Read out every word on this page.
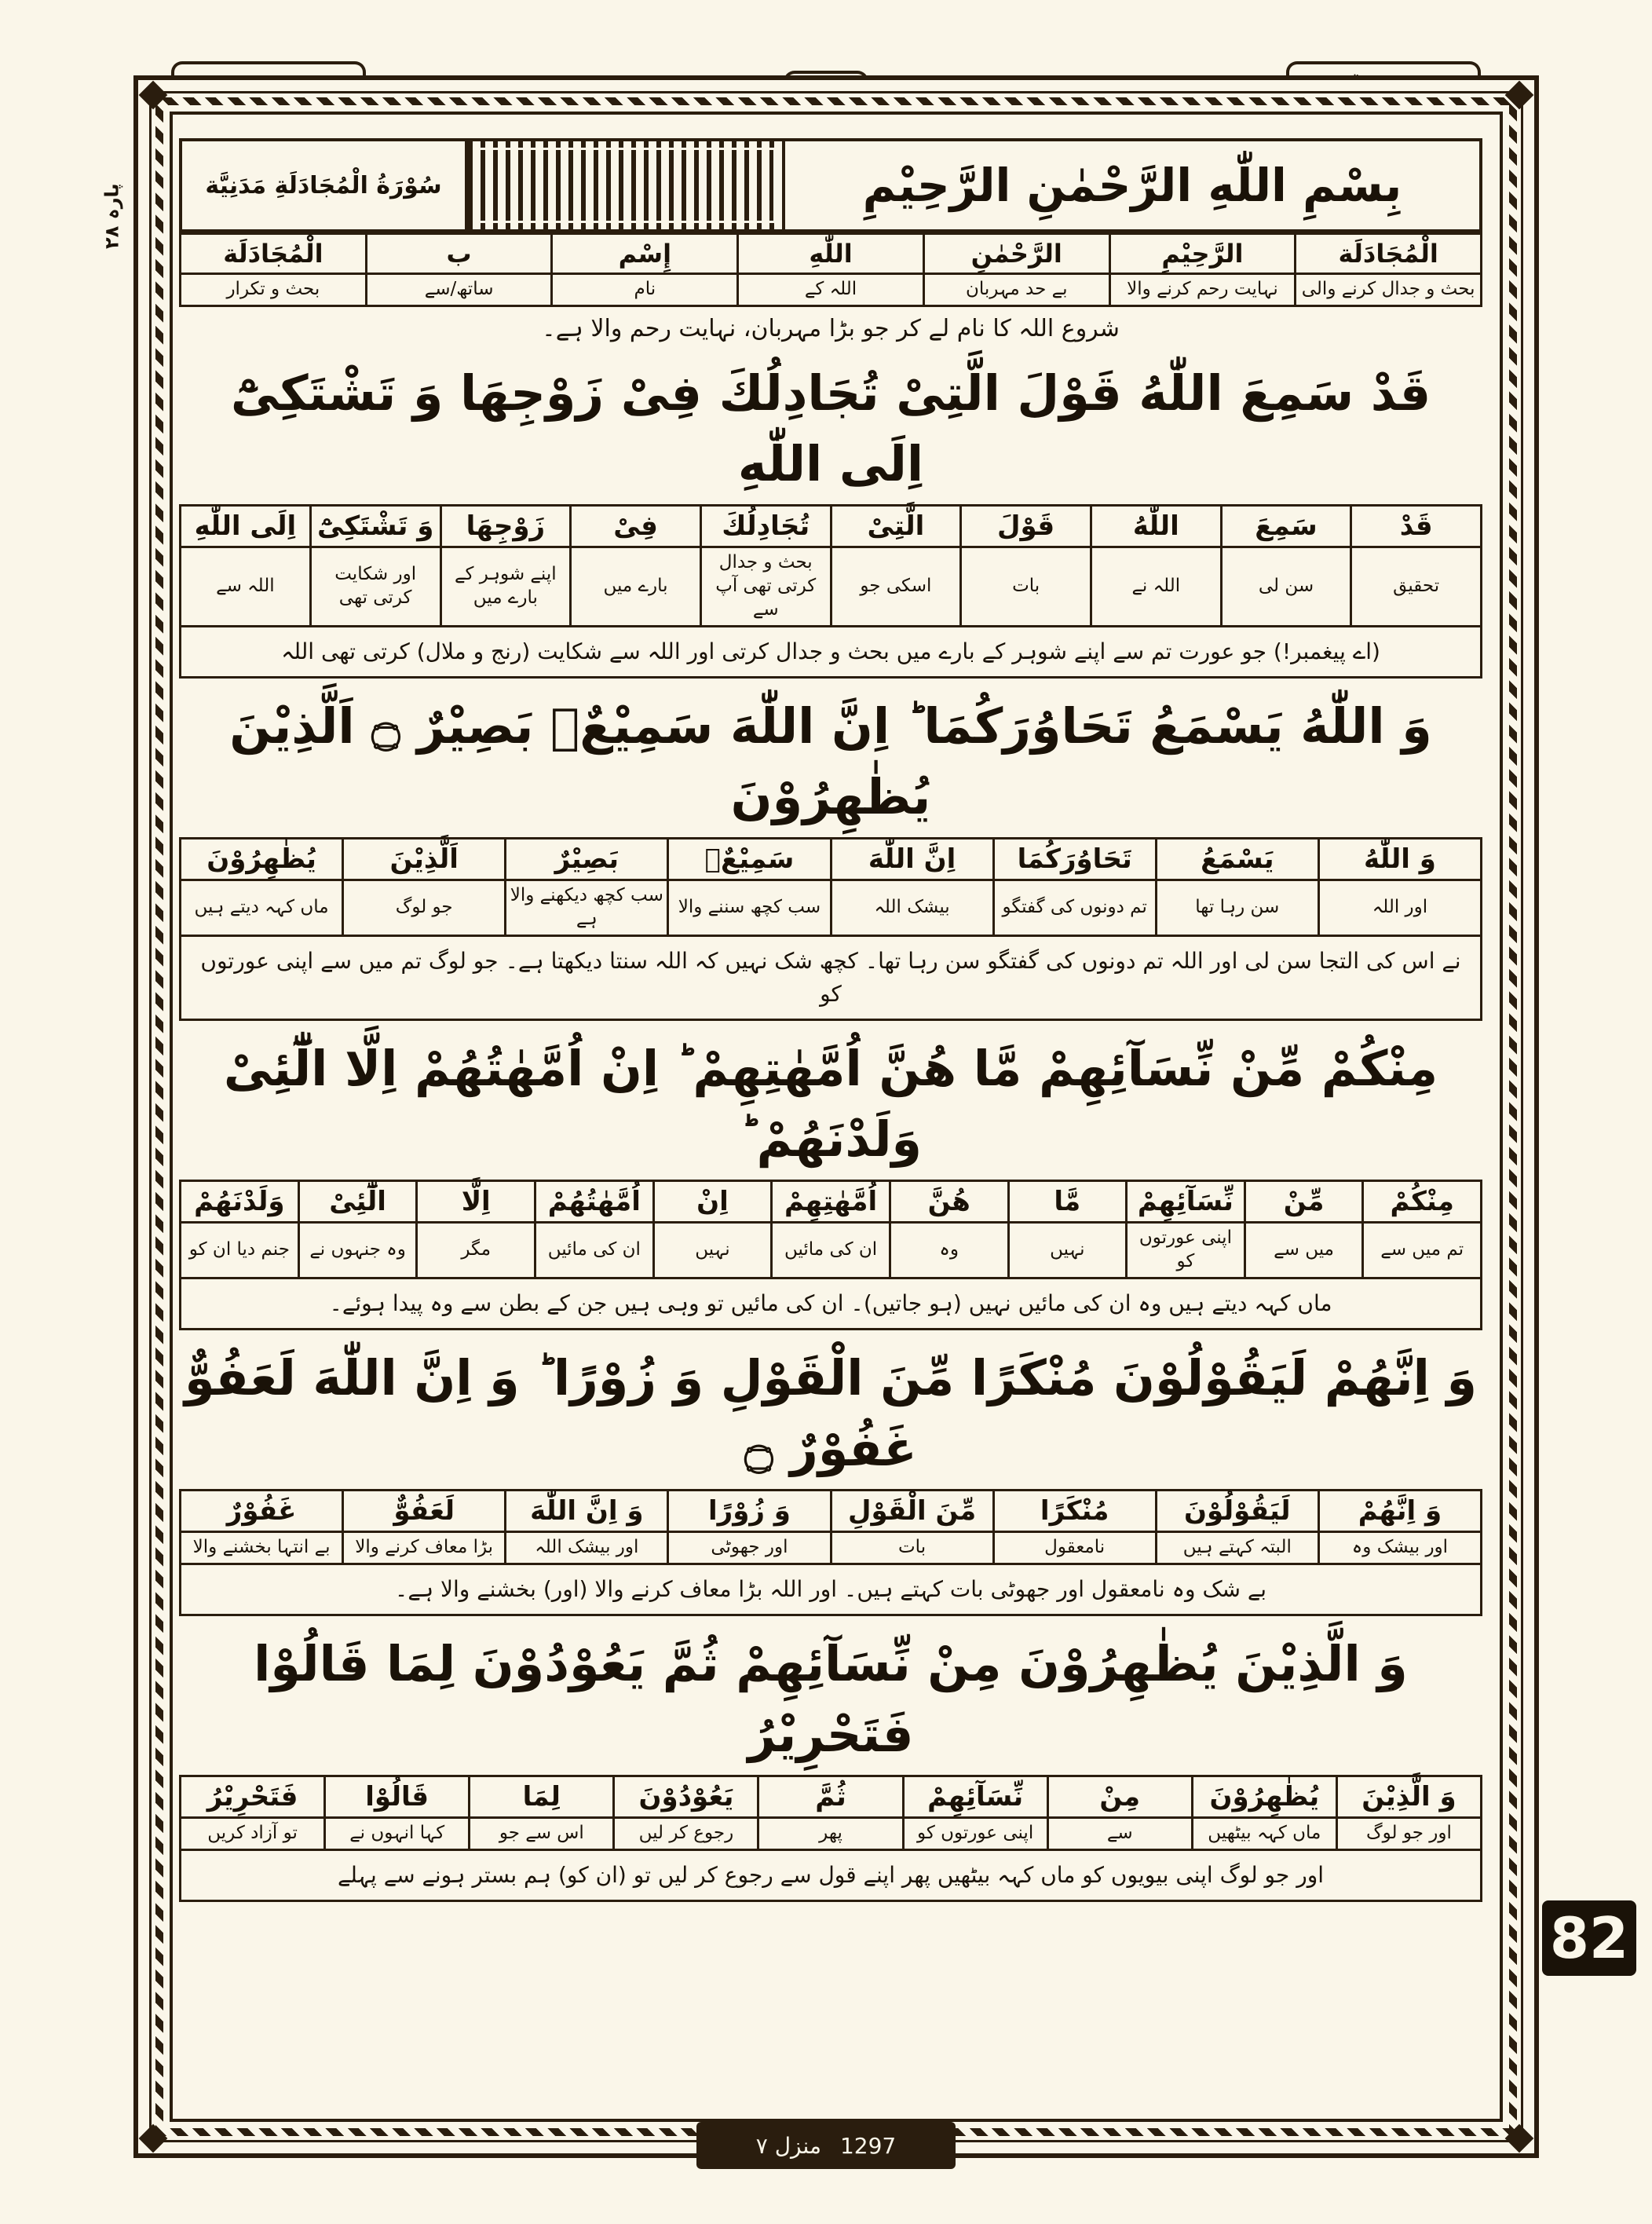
پارہ ۲۸
82
بِسْمِ اللّٰهِ الرَّحْمٰنِ الرَّحِيْمِ
سُوْرَةُ الْمُجَادَلَةِ مَدَنِیَّة
الْمُجَادَلَة	الرَّحِيْمِ	الرَّحْمٰنِ	اللّٰهِ	إِسْم	ب	الْمُجَادَلَة
بحث و جدال کرنے والی	نہایت رحم کرنے والا	بے حد مہربان	اللہ کے	نام	ساتھ/سے	بحث و تکرار
شروع اللہ کا نام لے کر جو بڑا مہربان، نہایت رحم والا ہے۔
قَدْ سَمِعَ اللّٰهُ قَوْلَ الَّتِىْ تُجَادِلُكَ فِىْ زَوْجِهَا وَ تَشْتَكِىْٓ اِلَى اللّٰهِ
قَدْ	سَمِعَ	اللّٰهُ	قَوْلَ	الَّتِىْ	تُجَادِلُكَ	فِىْ	زَوْجِهَا	وَ تَشْتَكِىْٓ	اِلَى اللّٰهِ
تحقیق	سن لی	اللہ نے	بات	اسکی جو	بحث و جدال کرتی تھی آپ سے	بارے میں	اپنے شوہر کے بارے میں	اور شکایت کرتی تھی	اللہ سے
(اے پیغمبر!) جو عورت تم سے اپنے شوہر کے بارے میں بحث و جدال کرتی اور اللہ سے شکایت (رنج و ملال) کرتی تھی اللہ
وَ اللّٰهُ يَسْمَعُ تَحَاوُرَكُمَا ؕ اِنَّ اللّٰهَ سَمِيْعٌۢ بَصِيْرٌ ۝ اَلَّذِيْنَ يُظٰهِرُوْنَ
وَ اللّٰهُ	يَسْمَعُ	تَحَاوُرَكُمَا	اِنَّ اللّٰهَ	سَمِيْعٌۢ	بَصِيْرٌ	اَلَّذِيْنَ	يُظٰهِرُوْنَ
اور اللہ	سن رہا تھا	تم دونوں کی گفتگو	بیشک اللہ	سب کچھ سننے والا	سب کچھ دیکھنے والا ہے	جو لوگ	ماں کہہ دیتے ہیں
نے اس کی التجا سن لی اور اللہ تم دونوں کی گفتگو سن رہا تھا۔ کچھ شک نہیں کہ اللہ سنتا دیکھتا ہے۔ جو لوگ تم میں سے اپنی عورتوں کو
مِنْكُمْ مِّنْ نِّسَآئِهِمْ مَّا هُنَّ اُمَّهٰتِهِمْ ؕ اِنْ اُمَّهٰتُهُمْ اِلَّا الّٰٓئِىْ وَلَدْنَهُمْ ؕ
مِنْكُمْ	مِّنْ	نِّسَآئِهِمْ	مَّا	هُنَّ	اُمَّهٰتِهِمْ	اِنْ	اُمَّهٰتُهُمْ	اِلَّا	الّٰٓئِىْ	وَلَدْنَهُمْ
تم میں سے	میں سے	اپنی عورتوں کو	نہیں	وہ	ان کی مائیں	نہیں	ان کی مائیں	مگر	وہ جنہوں نے	جنم دیا ان کو
ماں کہہ دیتے ہیں وہ ان کی مائیں نہیں (ہو جاتیں)۔ ان کی مائیں تو وہی ہیں جن کے بطن سے وہ پیدا ہوئے۔
وَ اِنَّهُمْ لَيَقُوْلُوْنَ مُنْكَرًا مِّنَ الْقَوْلِ وَ زُوْرًا ؕ وَ اِنَّ اللّٰهَ لَعَفُوٌّ غَفُوْرٌ ۝
وَ اِنَّهُمْ	لَيَقُوْلُوْنَ	مُنْكَرًا	مِّنَ الْقَوْلِ	وَ زُوْرًا	وَ اِنَّ اللّٰهَ	لَعَفُوٌّ	غَفُوْرٌ
اور بیشک وہ	البتہ کہتے ہیں	نامعقول	بات	اور جھوٹی	اور بیشک اللہ	بڑا معاف کرنے والا	بے انتہا بخشنے والا
بے شک وہ نامعقول اور جھوٹی بات کہتے ہیں۔ اور اللہ بڑا معاف کرنے والا (اور) بخشنے والا ہے۔
وَ الَّذِيْنَ يُظٰهِرُوْنَ مِنْ نِّسَآئِهِمْ ثُمَّ يَعُوْدُوْنَ لِمَا قَالُوْا فَتَحْرِيْرُ
وَ الَّذِيْنَ	يُظٰهِرُوْنَ	مِنْ	نِّسَآئِهِمْ	ثُمَّ	يَعُوْدُوْنَ	لِمَا	قَالُوْا	فَتَحْرِيْرُ
اور جو لوگ	ماں کہہ بیٹھیں	سے	اپنی عورتوں کو	پھر	رجوع کر لیں	اس سے جو	کہا انہوں نے	تو آزاد کریں
اور جو لوگ اپنی بیویوں کو ماں کہہ بیٹھیں پھر اپنے قول سے رجوع کر لیں تو (ان کو) ہم بستر ہونے سے پہلے
منزل ۷ 1297
